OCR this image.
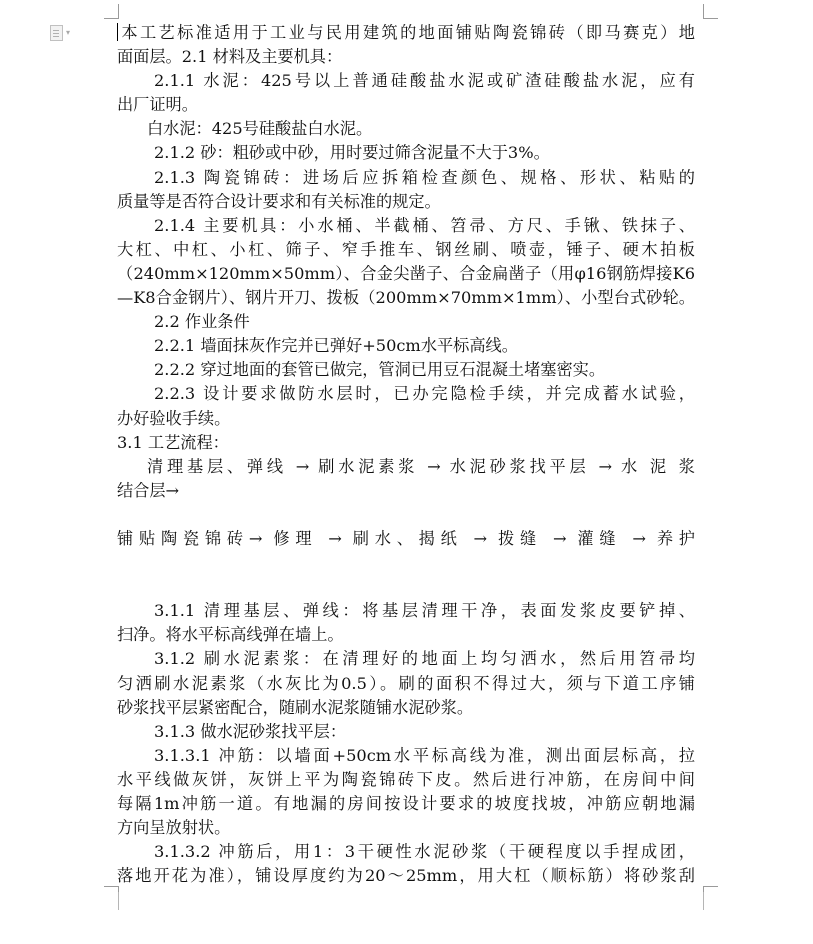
▾	本工艺标准适用于工业与民用建筑的地面铺贴陶瓷锦砖（即马赛克）地
面面层。2.1 材料及主要机具：
2.1.1 水泥：425号以上普通硅酸盐水泥或矿渣硅酸盐水泥，应有
出厂证明。
白水泥：425号硅酸盐白水泥。
2.1.2 砂：粗砂或中砂，用时要过筛含泥量不大于3%。
2.1.3 陶瓷锦砖：进场后应拆箱检查颜色、规格、形状、粘贴的
质量等是否符合设计要求和有关标准的规定。
2.1.4 主要机具：小水桶、半截桶、笤帚、方尺、手锹、铁抹子、
大杠、中杠、小杠、筛子、窄手推车、钢丝刷、喷壶，锤子、硬木拍板
（240mm×120mm×50mm）、合金尖凿子、合金扁凿子（用φ16钢筋焊接K6
—K8合金钢片）、钢片开刀、拨板（200mm×70mm×1mm）、小型台式砂轮。
2.2 作业条件
2.2.1 墙面抹灰作完并已弹好+50cm水平标高线。
2.2.2 穿过地面的套管已做完，管洞已用豆石混凝土堵塞密实。
2.2.3 设计要求做防水层时，已办完隐检手续，并完成蓄水试验，
办好验收手续。
3.1 工艺流程：
清理基层、弹线 → 刷水泥素浆 → 水泥砂浆找平层 → 水 泥 浆
结合层→
铺贴陶瓷锦砖→ 修理 → 刷水、揭纸 → 拨缝 → 灌缝 → 养护
3.1.1 清理基层、弹线：将基层清理干净，表面发浆皮要铲掉、
扫净。将水平标高线弹在墙上。
3.1.2 刷水泥素浆：在清理好的地面上均匀洒水，然后用笤帚均
匀洒刷水泥素浆（水灰比为0.5）。刷的面积不得过大，须与下道工序铺
砂浆找平层紧密配合，随刷水泥浆随铺水泥砂浆。
3.1.3 做水泥砂浆找平层：
3.1.3.1 冲筋：以墙面+50cm水平标高线为准，测出面层标高，拉
水平线做灰饼，灰饼上平为陶瓷锦砖下皮。然后进行冲筋，在房间中间
每隔1m冲筋一道。有地漏的房间按设计要求的坡度找坡，冲筋应朝地漏
方向呈放射状。
3.1.3.2 冲筋后，用1：3干硬性水泥砂浆（干硬程度以手捏成团，
落地开花为准），铺设厚度约为20～25mm，用大杠（顺标筋）将砂浆刮
